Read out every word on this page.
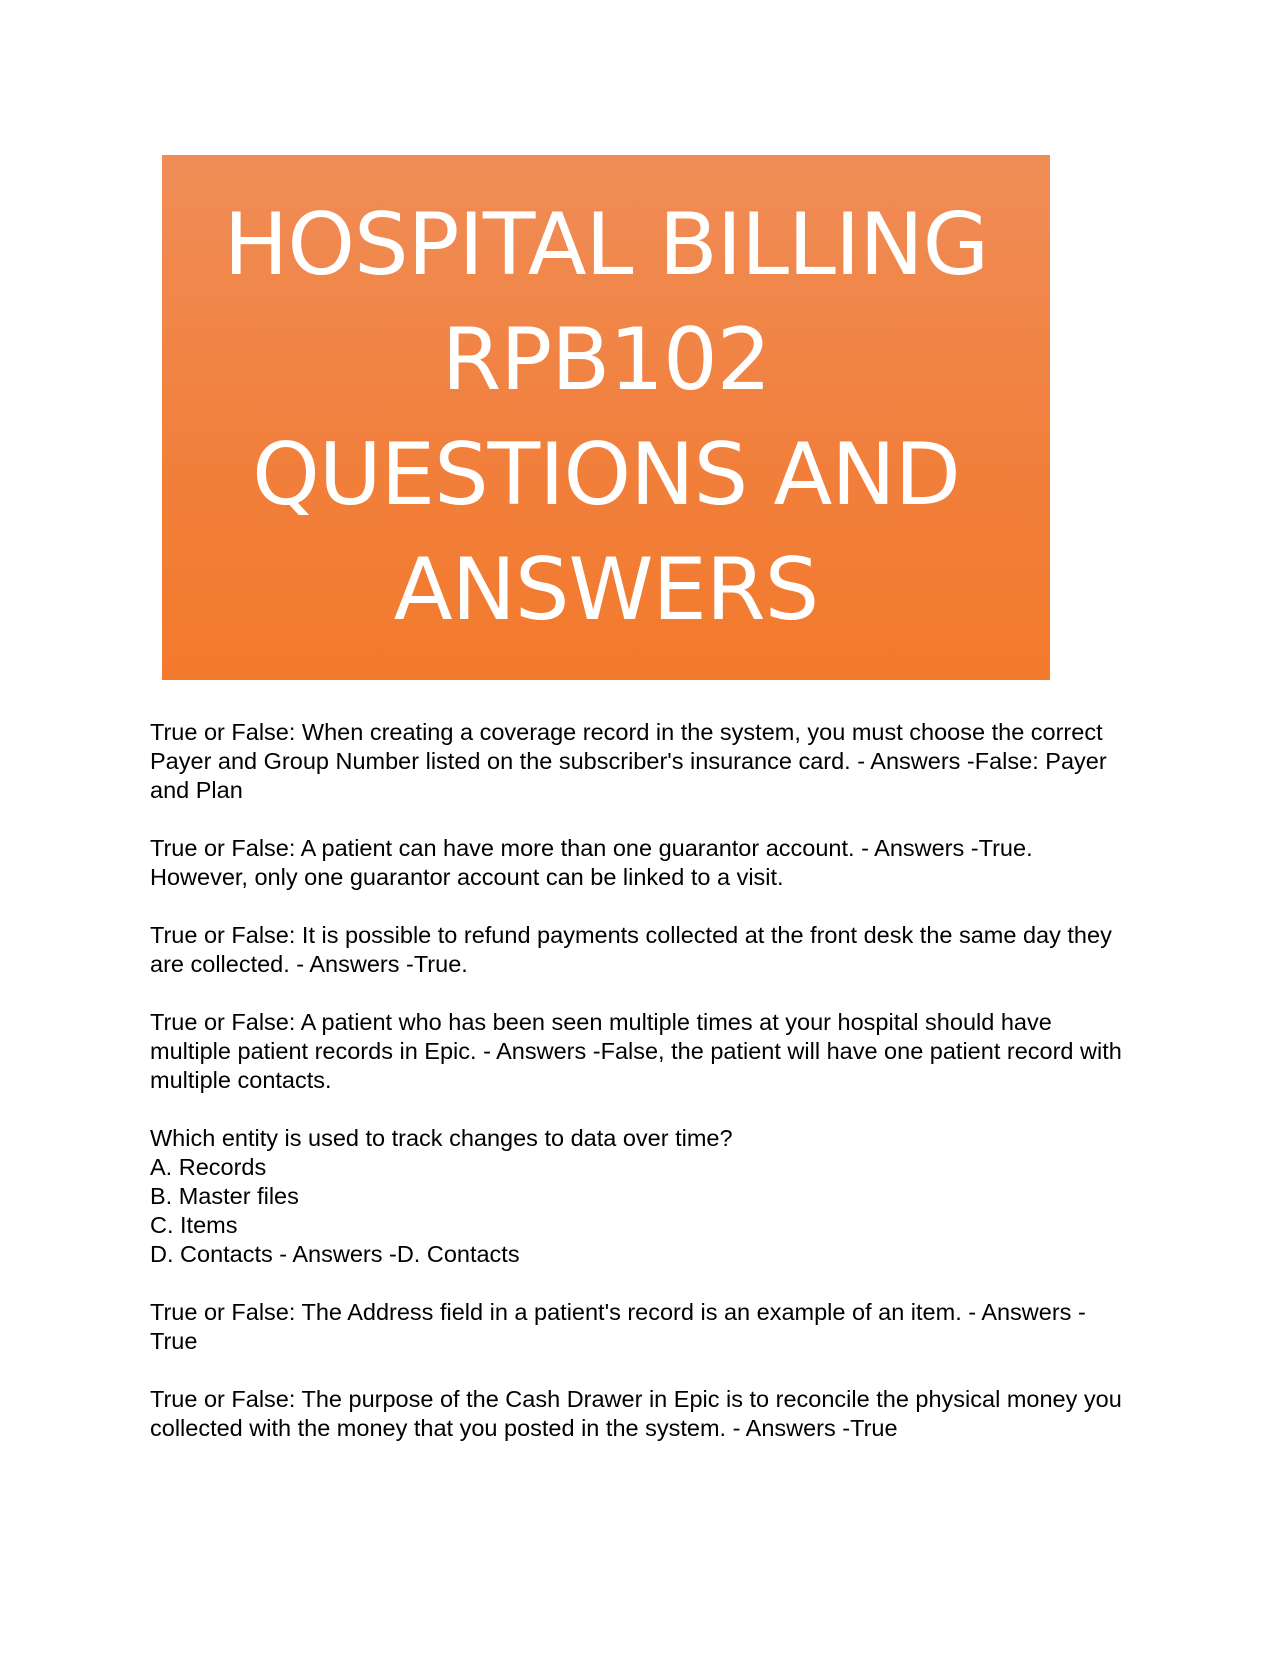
HOSPITAL BILLING
RPB102
QUESTIONS AND
ANSWERS

True or False: When creating a coverage record in the system, you must choose the correct Payer and Group Number listed on the subscriber's insurance card. - Answers -False: Payer and Plan

True or False: A patient can have more than one guarantor account. - Answers -True. However, only one guarantor account can be linked to a visit.

True or False: It is possible to refund payments collected at the front desk the same day they are collected. - Answers -True.

True or False: A patient who has been seen multiple times at your hospital should have multiple patient records in Epic. - Answers -False, the patient will have one patient record with multiple contacts.

Which entity is used to track changes to data over time?
A. Records
B. Master files
C. Items
D. Contacts - Answers -D. Contacts

True or False: The Address field in a patient's record is an example of an item. - Answers -True

True or False: The purpose of the Cash Drawer in Epic is to reconcile the physical money you collected with the money that you posted in the system. - Answers -True
